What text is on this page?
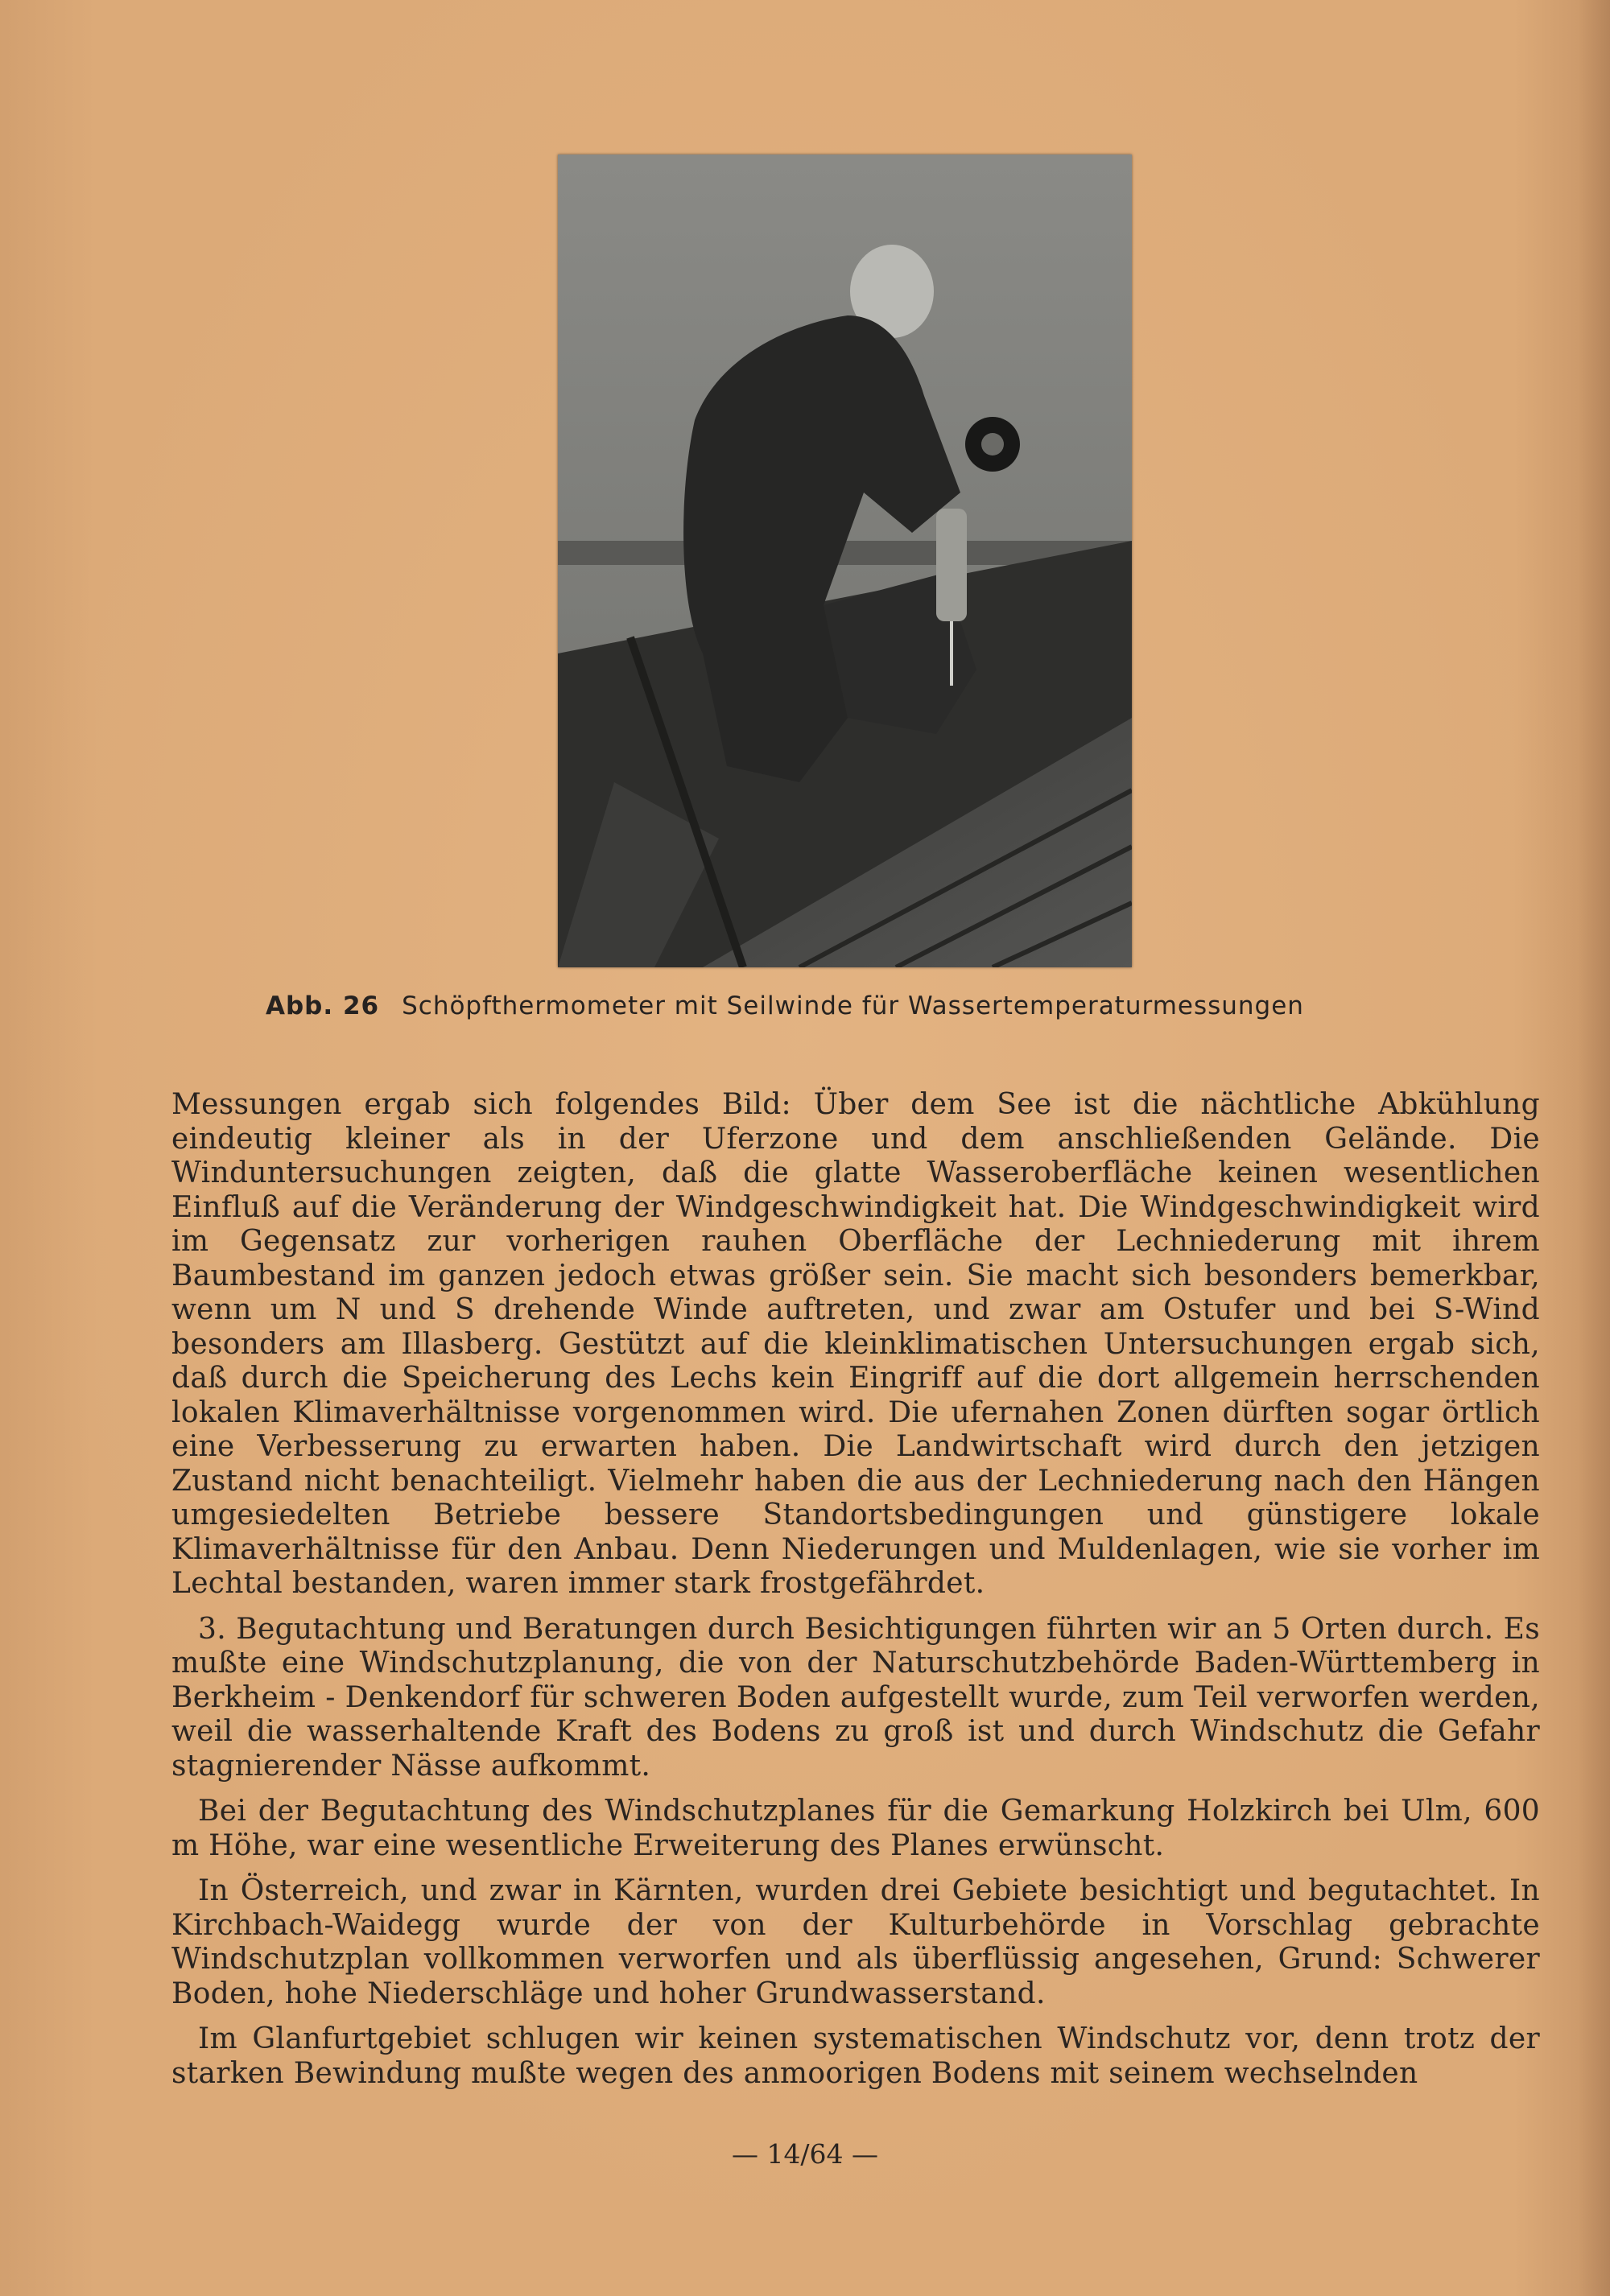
Abb. 26 Schöpfthermometer mit Seilwinde für Wassertemperaturmessungen

Messungen ergab sich folgendes Bild: Über dem See ist die nächtliche Abkühlung eindeutig kleiner als in der Uferzone und dem anschließenden Gelände. Die Winduntersuchungen zeigten, daß die glatte Wasseroberfläche keinen wesentlichen Einfluß auf die Veränderung der Windgeschwindigkeit hat. Die Windgeschwindigkeit wird im Gegensatz zur vorherigen rauhen Oberfläche der Lechniederung mit ihrem Baumbestand im ganzen jedoch etwas größer sein. Sie macht sich besonders bemerkbar, wenn um N und S drehende Winde auftreten, und zwar am Ostufer und bei S-Wind besonders am Illasberg. Gestützt auf die kleinklimatischen Untersuchungen ergab sich, daß durch die Speicherung des Lechs kein Eingriff auf die dort allgemein herrschenden lokalen Klimaverhältnisse vorgenommen wird. Die ufernahen Zonen dürften sogar örtlich eine Verbesserung zu erwarten haben. Die Landwirtschaft wird durch den jetzigen Zustand nicht benachteiligt. Vielmehr haben die aus der Lechniederung nach den Hängen umgesiedelten Betriebe bessere Standortsbedingungen und günstigere lokale Klimaverhältnisse für den Anbau. Denn Niederungen und Muldenlagen, wie sie vorher im Lechtal bestanden, waren immer stark frostgefährdet.

3. Begutachtung und Beratungen durch Besichtigungen führten wir an 5 Orten durch. Es mußte eine Windschutzplanung, die von der Naturschutzbehörde Baden-Württemberg in Berkheim - Denkendorf für schweren Boden aufgestellt wurde, zum Teil verworfen werden, weil die wasserhaltende Kraft des Bodens zu groß ist und durch Windschutz die Gefahr stagnierender Nässe aufkommt.

Bei der Begutachtung des Windschutzplanes für die Gemarkung Holzkirch bei Ulm, 600 m Höhe, war eine wesentliche Erweiterung des Planes erwünscht.

In Österreich, und zwar in Kärnten, wurden drei Gebiete besichtigt und begutachtet. In Kirchbach-Waidegg wurde der von der Kulturbehörde in Vorschlag gebrachte Windschutzplan vollkommen verworfen und als überflüssig angesehen, Grund: Schwerer Boden, hohe Niederschläge und hoher Grundwasserstand.

Im Glanfurtgebiet schlugen wir keinen systematischen Windschutz vor, denn trotz der starken Bewindung mußte wegen des anmoorigen Bodens mit seinem wechselnden

— 14/64 —
